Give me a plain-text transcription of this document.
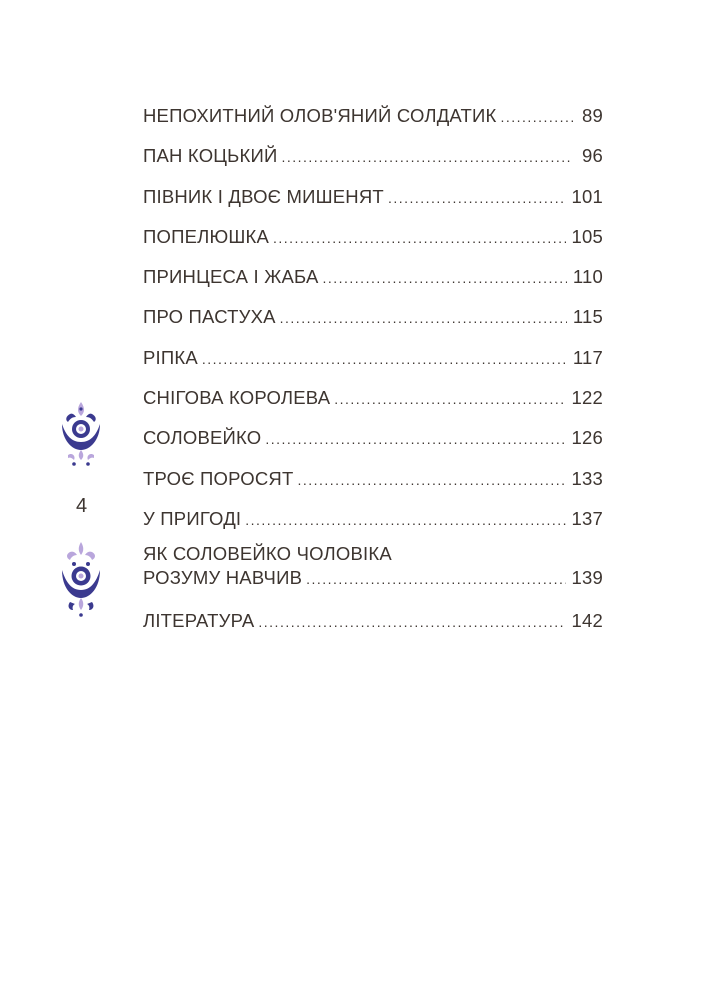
4
НЕПОХИТНИЙ ОЛОВ'ЯНИЙ СОЛДАТИК . . .	89
ПАН КОЦЬКИЙ . . .	96
ПІВНИК І ДВОЄ МИШЕНЯТ . . .	101
ПОПЕЛЮШКА . . .	105
ПРИНЦЕСА І ЖАБА . . .	110
ПРО ПАСТУХА . . .	115
РІПКА . . .	117
СНІГОВА КОРОЛЕВА . . .	122
СОЛОВЕЙКО . . .	126
ТРОЄ ПОРОСЯТ . . .	133
У ПРИГОДІ . . .	137
ЯК СОЛОВЕЙКО ЧОЛОВІКА
РОЗУМУ НАВЧИВ . . .	139
ЛІТЕРАТУРА . . .	142
